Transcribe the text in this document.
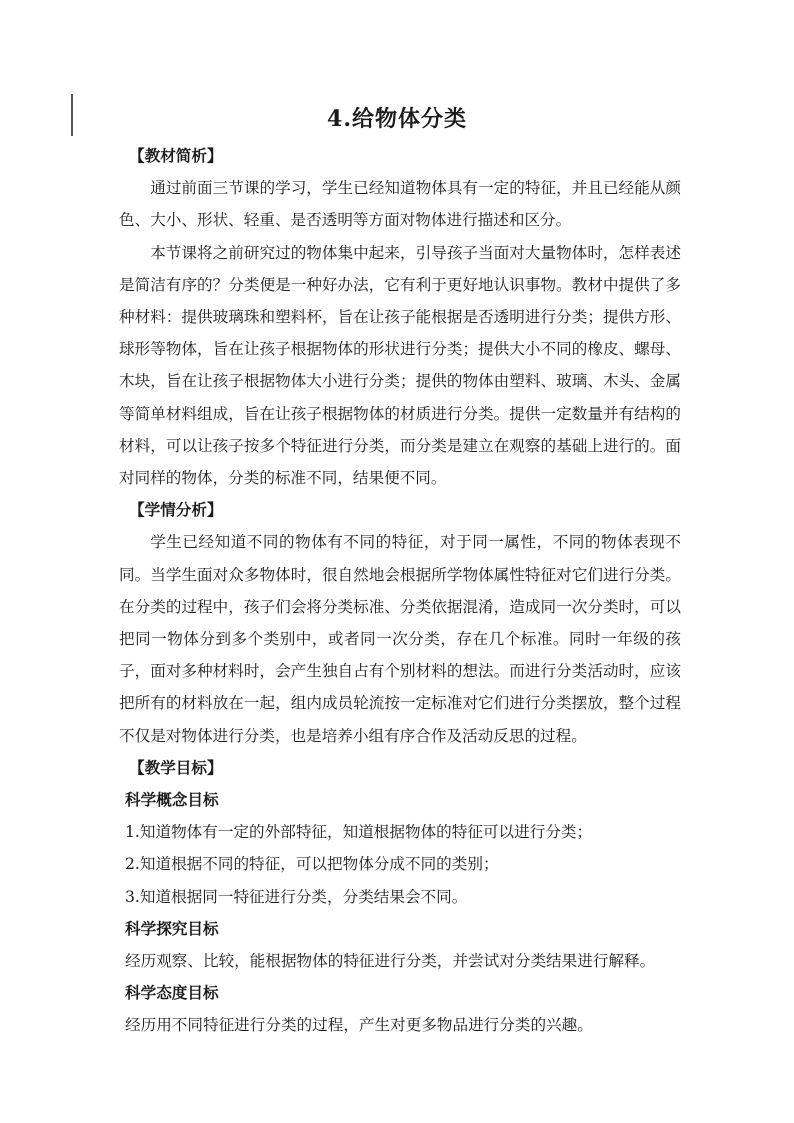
4.给物体分类

【教材简析】

通过前面三节课的学习，学生已经知道物体具有一定的特征，并且已经能从颜色、大小、形状、轻重、是否透明等方面对物体进行描述和区分。

本节课将之前研究过的物体集中起来，引导孩子当面对大量物体时，怎样表述是简洁有序的？分类便是一种好办法，它有利于更好地认识事物。教材中提供了多种材料：提供玻璃珠和塑料杯，旨在让孩子能根据是否透明进行分类；提供方形、球形等物体，旨在让孩子根据物体的形状进行分类；提供大小不同的橡皮、螺母、木块，旨在让孩子根据物体大小进行分类；提供的物体由塑料、玻璃、木头、金属等简单材料组成，旨在让孩子根据物体的材质进行分类。提供一定数量并有结构的材料，可以让孩子按多个特征进行分类，而分类是建立在观察的基础上进行的。面对同样的物体，分类的标准不同，结果便不同。

【学情分析】

学生已经知道不同的物体有不同的特征，对于同一属性，不同的物体表现不同。当学生面对众多物体时，很自然地会根据所学物体属性特征对它们进行分类。在分类的过程中，孩子们会将分类标准、分类依据混淆，造成同一次分类时，可以把同一物体分到多个类别中，或者同一次分类，存在几个标准。同时一年级的孩子，面对多种材料时，会产生独自占有个别材料的想法。而进行分类活动时，应该把所有的材料放在一起，组内成员轮流按一定标准对它们进行分类摆放，整个过程不仅是对物体进行分类，也是培养小组有序合作及活动反思的过程。

【教学目标】

科学概念目标

1.知道物体有一定的外部特征，知道根据物体的特征可以进行分类；

2.知道根据不同的特征，可以把物体分成不同的类别；

3.知道根据同一特征进行分类，分类结果会不同。

科学探究目标

经历观察、比较，能根据物体的特征进行分类，并尝试对分类结果进行解释。

科学态度目标

经历用不同特征进行分类的过程，产生对更多物品进行分类的兴趣。
